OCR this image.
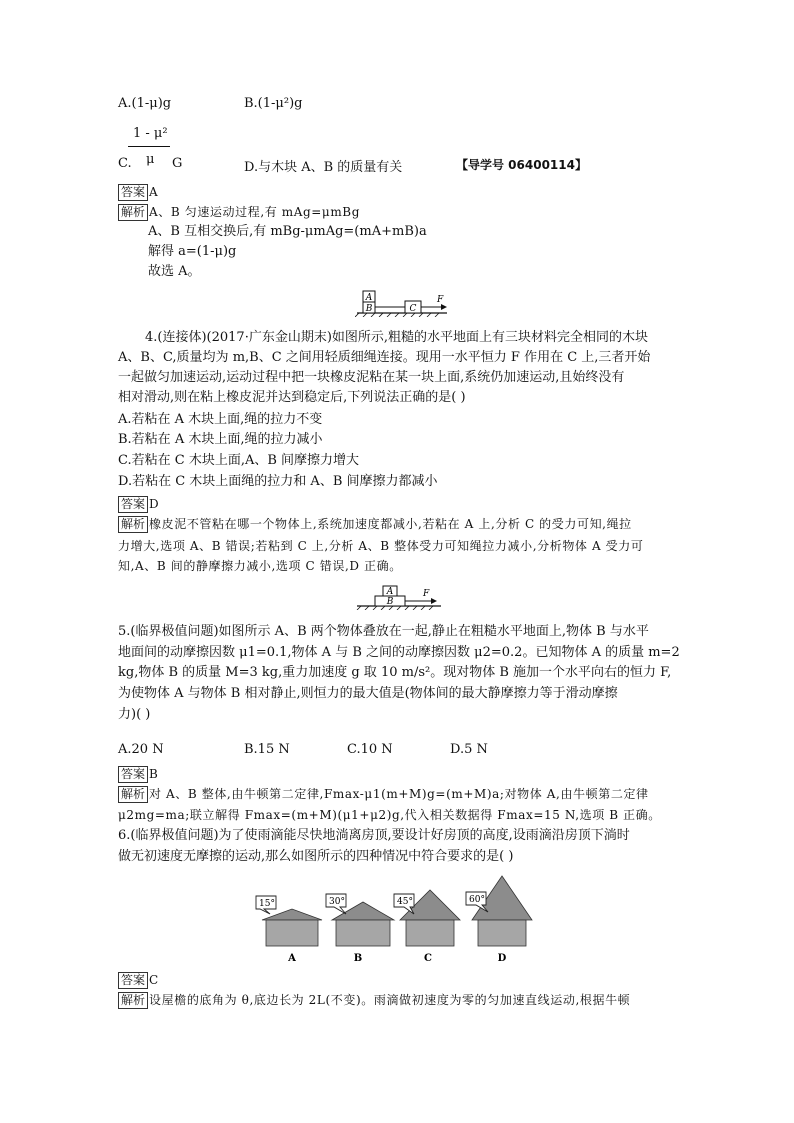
A.(1-μ)g	B.(1-μ²)g
1 - μ²
C. μ G	D.与木块 A、B 的质量有关	【导学号 06400114】
答案 A
解析 A、B 匀速运动过程,有 mAg=μmBg
A、B 互相交换后,有 mBg-μmAg=(mA+mB)a
解得 a=(1-μ)g
故选 A。
A
B	C
F
4.(连接体)(2017·广东金山期末)如图所示,粗糙的水平地面上有三块材料完全相同的木块
A、B、C,质量均为 m,B、C 之间用轻质细绳连接。现用一水平恒力 F 作用在 C 上,三者开始
一起做匀加速运动,运动过程中把一块橡皮泥粘在某一块上面,系统仍加速运动,且始终没有
相对滑动,则在粘上橡皮泥并达到稳定后,下列说法正确的是( )
A.若粘在 A 木块上面,绳的拉力不变
B.若粘在 A 木块上面,绳的拉力减小
C.若粘在 C 木块上面,A、B 间摩擦力增大
D.若粘在 C 木块上面绳的拉力和 A、B 间摩擦力都减小
答案 D
解析 橡皮泥不管粘在哪一个物体上,系统加速度都减小,若粘在 A 上,分析 C 的受力可知,绳拉
力增大,选项 A、B 错误;若粘到 C 上,分析 A、B 整体受力可知绳拉力减小,分析物体 A 受力可
知,A、B 间的静摩擦力减小,选项 C 错误,D 正确。
A
B
F
5.(临界极值问题)如图所示 A、B 两个物体叠放在一起,静止在粗糙水平地面上,物体 B 与水平
地面间的动摩擦因数 μ1=0.1,物体 A 与 B 之间的动摩擦因数 μ2=0.2。已知物体 A 的质量 m=2
kg,物体 B 的质量 M=3 kg,重力加速度 g 取 10 m/s²。现对物体 B 施加一个水平向右的恒力 F,
为使物体 A 与物体 B 相对静止,则恒力的最大值是(物体间的最大静摩擦力等于滑动摩擦
力)( )
A.20 N	B.15 N	C.10 N	D.5 N
答案 B
解析 对 A、B 整体,由牛顿第二定律,Fmax-μ1(m+M)g=(m+M)a;对物体 A,由牛顿第二定律
μ2mg=ma;联立解得 Fmax=(m+M)(μ1+μ2)g,代入相关数据得 Fmax=15 N,选项 B 正确。
6.(临界极值问题)为了使雨滴能尽快地淌离房顶,要设计好房顶的高度,设雨滴沿房顶下淌时
做无初速度无摩擦的运动,那么如图所示的四种情况中符合要求的是( )
15°
A
30°
B
45°
C
60°
D
答案 C
解析 设屋檐的底角为 θ,底边长为 2L(不变)。雨滴做初速度为零的匀加速直线运动,根据牛顿
